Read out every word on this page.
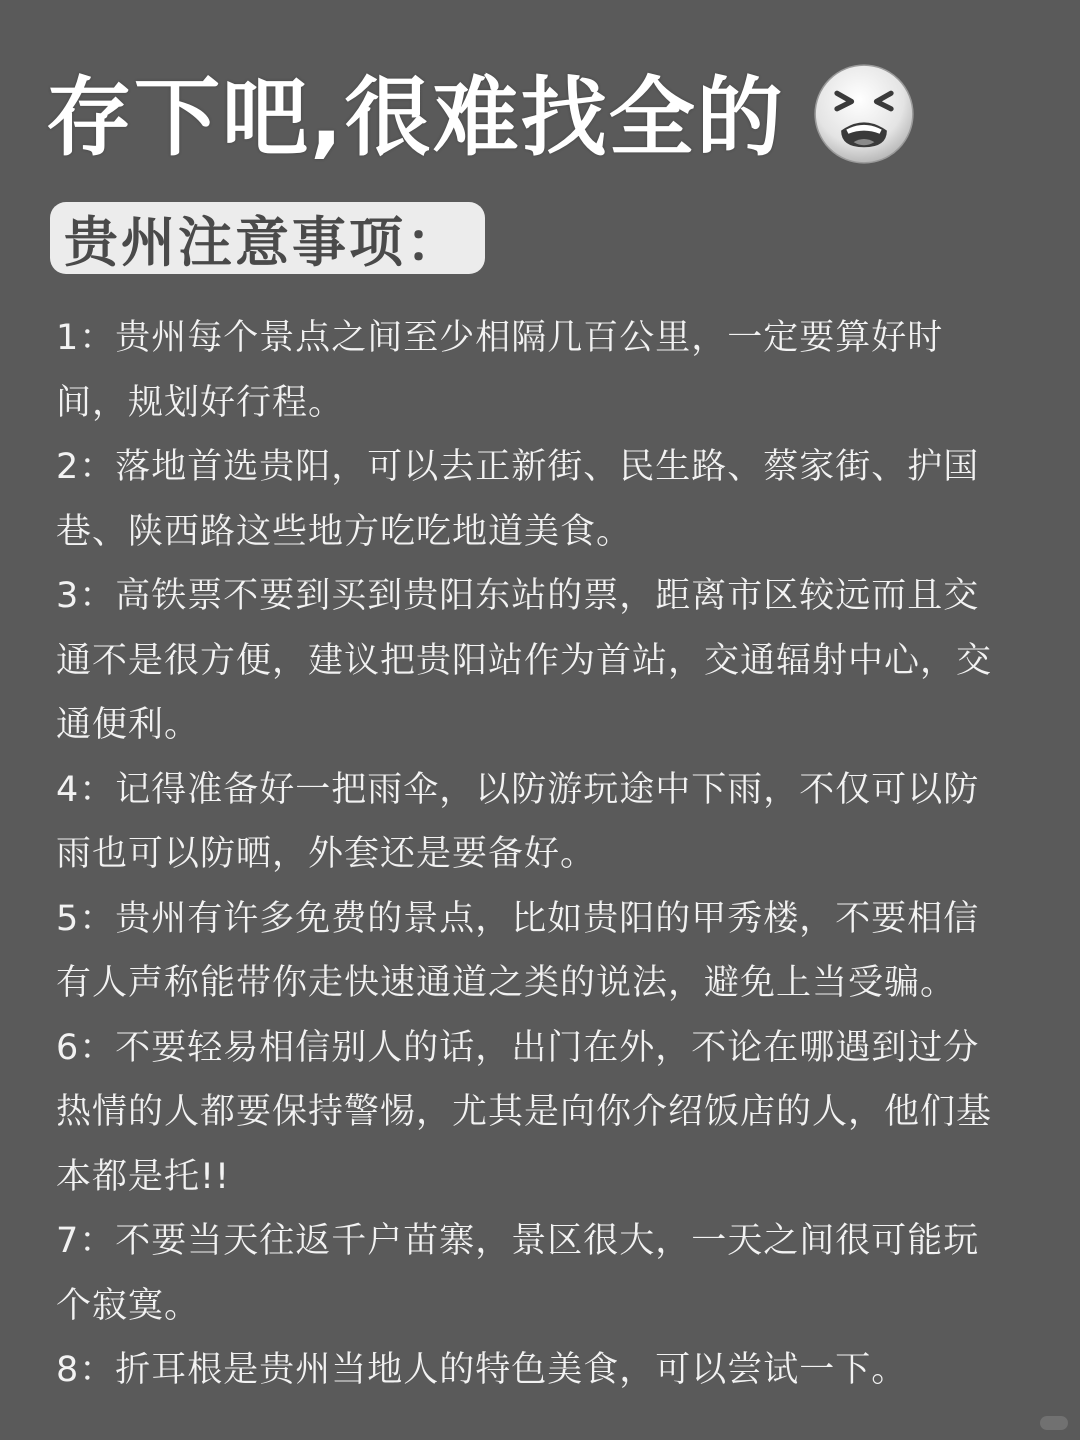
存下吧,很难找全的
贵州注意事项：
1：贵州每个景点之间至少相隔几百公里，一定要算好时间，规划好行程。
2：落地首选贵阳，可以去正新街、民生路、蔡家街、护国巷、陕西路这些地方吃吃地道美食。
3：高铁票不要到买到贵阳东站的票，距离市区较远而且交通不是很方便，建议把贵阳站作为首站，交通辐射中心，交通便利。
4：记得准备好一把雨伞，以防游玩途中下雨，不仅可以防雨也可以防晒，外套还是要备好。
5：贵州有许多免费的景点，比如贵阳的甲秀楼，不要相信有人声称能带你走快速通道之类的说法，避免上当受骗。
6：不要轻易相信别人的话，出门在外，不论在哪遇到过分热情的人都要保持警惕，尤其是向你介绍饭店的人，他们基本都是托!!
7：不要当天往返千户苗寨，景区很大，一天之间很可能玩个寂寞。
8：折耳根是贵州当地人的特色美食，可以尝试一下。
